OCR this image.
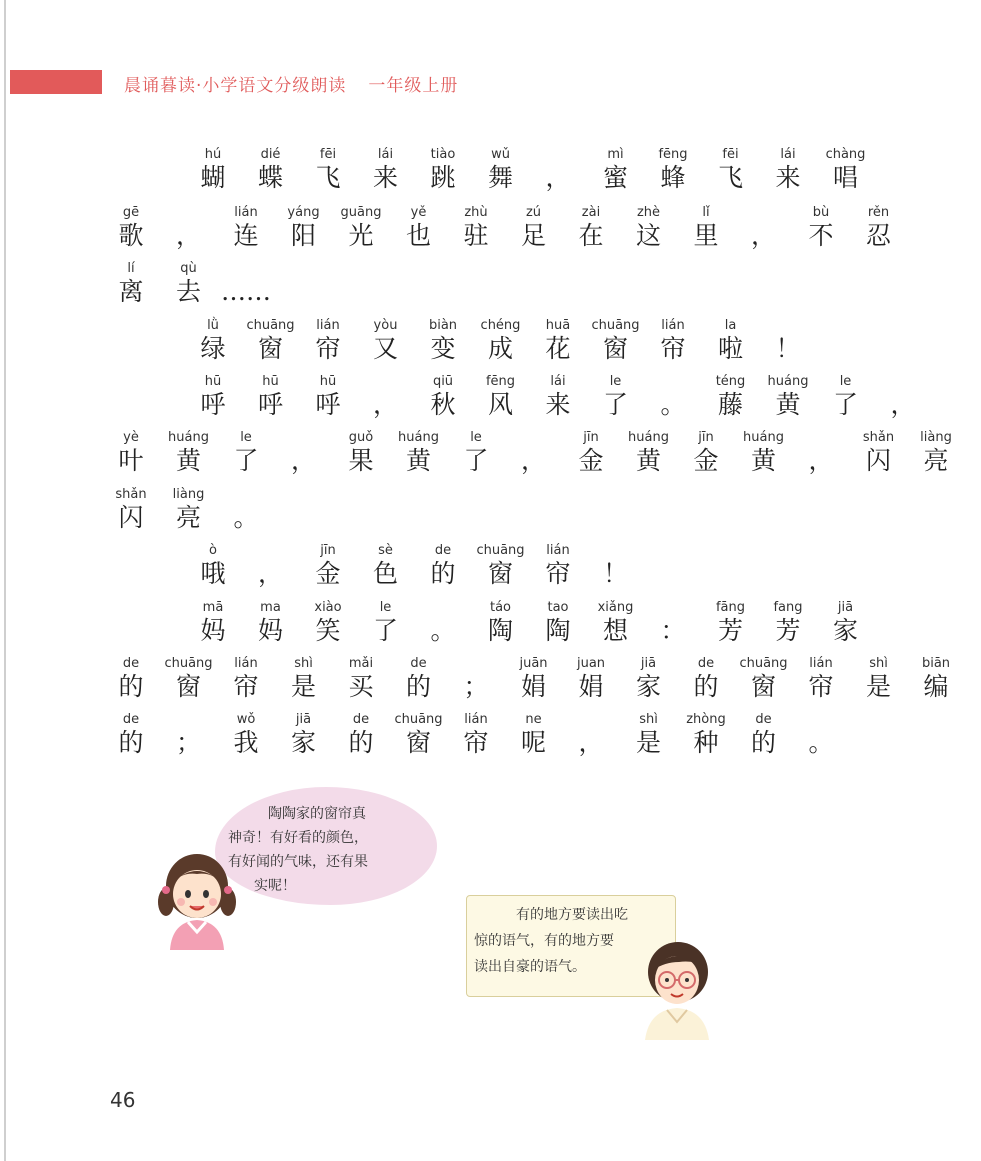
晨诵暮读·小学语文分级朗读 一年级上册
hú
蝴
dié
蝶
fēi
飞
lái
来
tiào
跳
wǔ
舞	，
mì
蜜
fēng
蜂
fēi
飞
lái
来
chàng
唱
gē
歌	，
lián
连
yáng
阳
guāng
光
yě
也
zhù
驻
zú
足
zài
在
zhè
这
lǐ
里	，
bù
不
rěn
忍
lí
离
qù
去 ……
lǜ
绿
chuāng
窗
lián
帘
yòu
又
biàn
变
chéng
成
huā
花
chuāng
窗
lián
帘
la
啦	！
hū
呼
hū
呼
hū
呼	，
qiū
秋
fēng
风
lái
来
le
了	。
téng
藤
huáng
黄
le
了	，
yè
叶
huáng
黄
le
了	，
guǒ
果
huáng
黄
le
了	，
jīn
金
huáng
黄
jīn
金
huáng
黄	，
shǎn
闪
liàng
亮
shǎn
闪
liàng
亮	。
ò
哦	，
jīn
金
sè
色
de
的
chuāng
窗
lián
帘	！
mā
妈
ma
妈
xiào
笑
le
了	。
táo
陶
tao
陶
xiǎng
想	：
fāng
芳
fang
芳
jiā
家
de
的
chuāng
窗
lián
帘
shì
是
mǎi
买
de
的	；
juān
娟
juan
娟
jiā
家
de
的
chuāng
窗
lián
帘
shì
是
biān
编
de
的	；
wǒ
我
jiā
家
de
的
chuāng
窗
lián
帘
ne
呢	，
shì
是
zhòng
种
de
的	。
陶陶家的窗帘真
神奇！有好看的颜色，
有好闻的气味，还有果
实呢！
有的地方要读出吃
惊的语气，有的地方要
读出自豪的语气。
46
